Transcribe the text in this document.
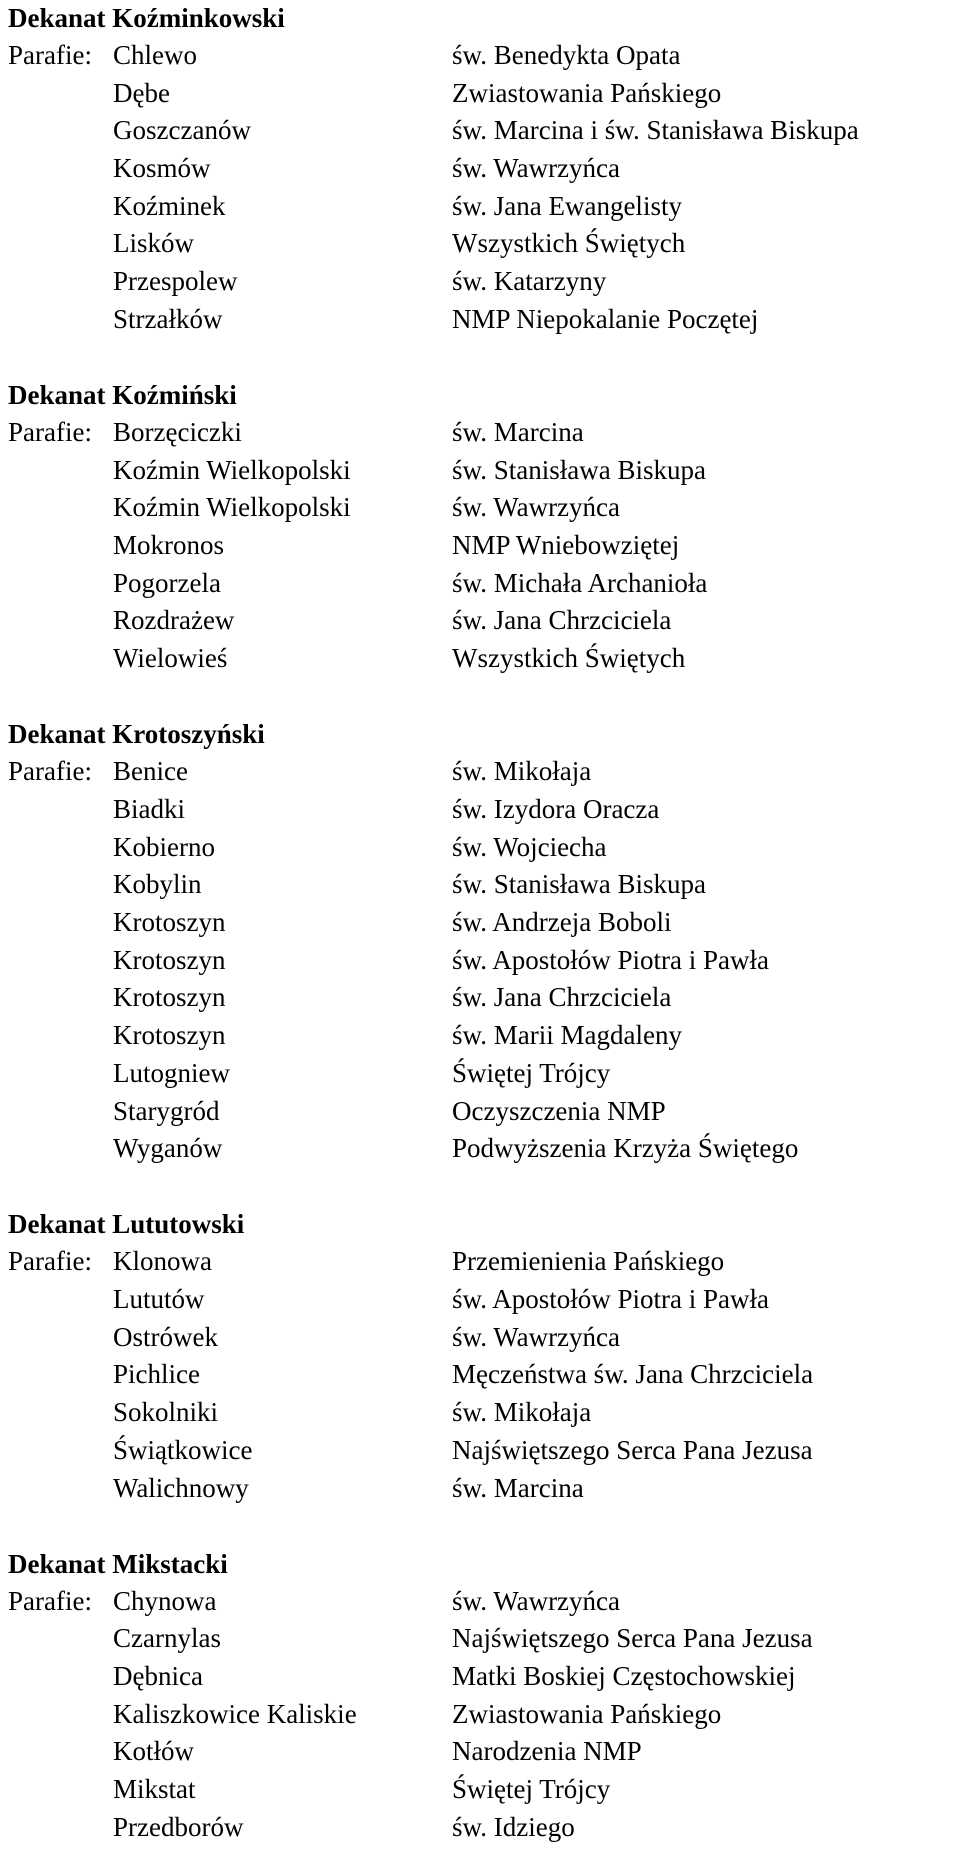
Dekanat Koźminkowski
Parafie: Chlewo	św. Benedykta Opata
Dębe	Zwiastowania Pańskiego
Goszczanów	św. Marcina i św. Stanisława Biskupa
Kosmów	św. Wawrzyńca
Koźminek	św. Jana Ewangelisty
Lisków	Wszystkich Świętych
Przespolew	św. Katarzyny
Strzałków	NMP Niepokalanie Poczętej
Dekanat Koźmiński
Parafie: Borzęciczki	św. Marcina
Koźmin Wielkopolski	św. Stanisława Biskupa
Koźmin Wielkopolski	św. Wawrzyńca
Mokronos	NMP Wniebowziętej
Pogorzela	św. Michała Archanioła
Rozdrażew	św. Jana Chrzciciela
Wielowieś	Wszystkich Świętych
Dekanat Krotoszyński
Parafie: Benice	św. Mikołaja
Biadki	św. Izydora Oracza
Kobierno	św. Wojciecha
Kobylin	św. Stanisława Biskupa
Krotoszyn	św. Andrzeja Boboli
Krotoszyn	św. Apostołów Piotra i Pawła
Krotoszyn	św. Jana Chrzciciela
Krotoszyn	św. Marii Magdaleny
Lutogniew	Świętej Trójcy
Starygród	Oczyszczenia NMP
Wyganów	Podwyższenia Krzyża Świętego
Dekanat Lututowski
Parafie: Klonowa	Przemienienia Pańskiego
Lututów	św. Apostołów Piotra i Pawła
Ostrówek	św. Wawrzyńca
Pichlice	Męczeństwa św. Jana Chrzciciela
Sokolniki	św. Mikołaja
Świątkowice	Najświętszego Serca Pana Jezusa
Walichnowy	św. Marcina
Dekanat Mikstacki
Parafie: Chynowa	św. Wawrzyńca
Czarnylas	Najświętszego Serca Pana Jezusa
Dębnica	Matki Boskiej Częstochowskiej
Kaliszkowice Kaliskie	Zwiastowania Pańskiego
Kotłów	Narodzenia NMP
Mikstat	Świętej Trójcy
Przedborów	św. Idziego
